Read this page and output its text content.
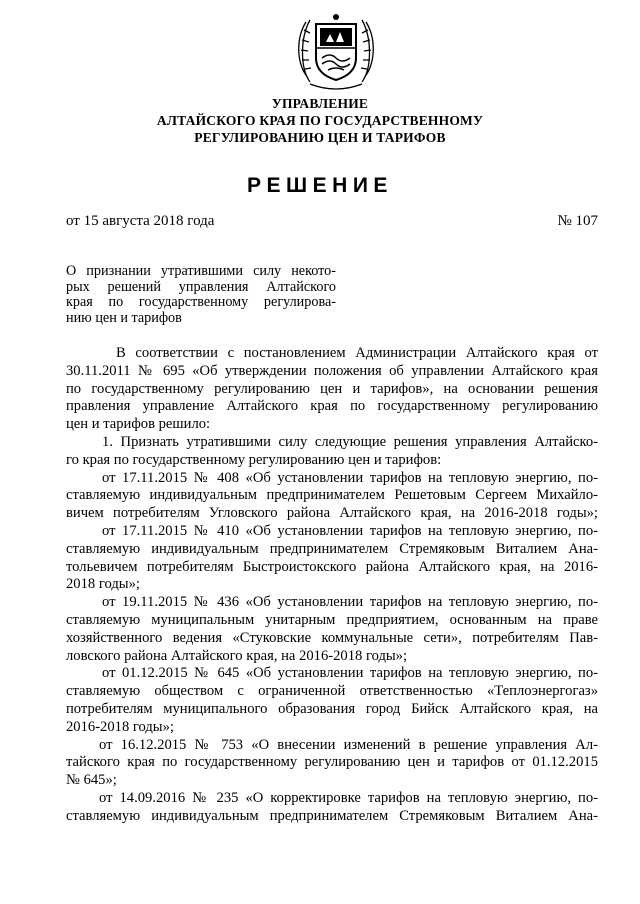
УПРАВЛЕНИЕ
АЛТАЙСКОГО КРАЯ ПО ГОСУДАРСТВЕННОМУ
РЕГУЛИРОВАНИЮ ЦЕН И ТАРИФОВ
РЕШЕНИЕ
от 15 августа 2018 года	№ 107
О признании утратившими силу некото-
рых решений управления Алтайского
края по государственному регулирова-
нию цен и тарифов
В соответствии с постановлением Администрации Алтайского края от
30.11.2011 № 695 «Об утверждении положения об управлении Алтайского края
по государственному регулированию цен и тарифов», на основании решения
правления управление Алтайского края по государственному регулированию
цен и тарифов решило:
1. Признать утратившими силу следующие решения управления Алтайско-
го края по государственному регулированию цен и тарифов:
от 17.11.2015 № 408 «Об установлении тарифов на тепловую энергию, по-
ставляемую индивидуальным предпринимателем Решетовым Сергеем Михайло-
вичем потребителям Угловского района Алтайского края, на 2016-2018 годы»;
от 17.11.2015 № 410 «Об установлении тарифов на тепловую энергию, по-
ставляемую индивидуальным предпринимателем Стремяковым Виталием Ана-
тольевичем потребителям Быстроистокского района Алтайского края, на 2016-
2018 годы»;
от 19.11.2015 № 436 «Об установлении тарифов на тепловую энергию, по-
ставляемую муниципальным унитарным предприятием, основанным на праве
хозяйственного ведения «Стуковские коммунальные сети», потребителям Пав-
ловского района Алтайского края, на 2016-2018 годы»;
от 01.12.2015 № 645 «Об установлении тарифов на тепловую энергию, по-
ставляемую обществом с ограниченной ответственностью «Теплоэнергогаз»
потребителям муниципального образования город Бийск Алтайского края, на
2016-2018 годы»;
от 16.12.2015 № 753 «О внесении изменений в решение управления Ал-
тайского края по государственному регулированию цен и тарифов от 01.12.2015
№ 645»;
от 14.09.2016 № 235 «О корректировке тарифов на тепловую энергию, по-
ставляемую индивидуальным предпринимателем Стремяковым Виталием Ана-
